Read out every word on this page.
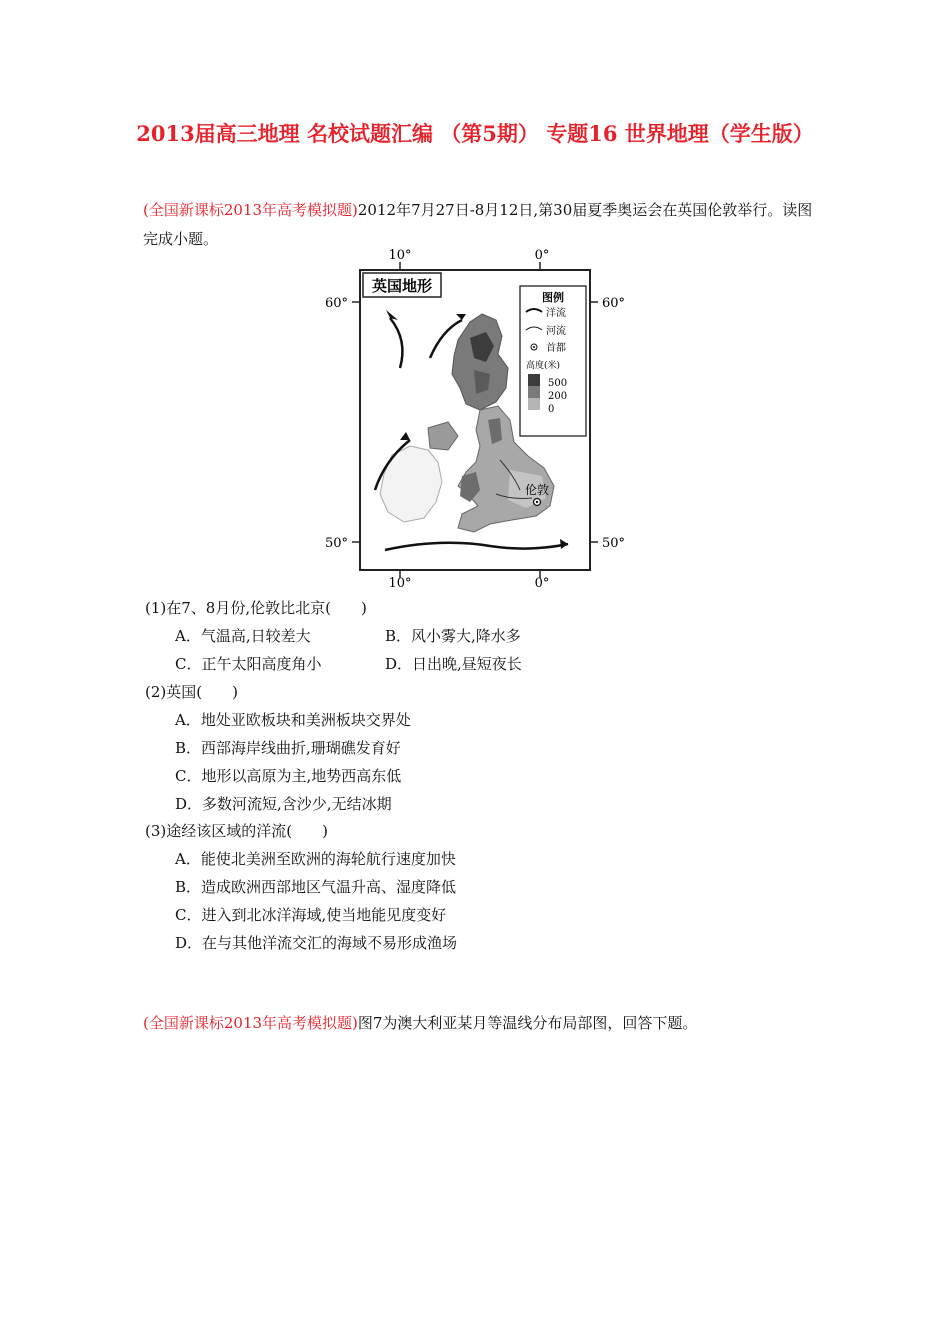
2013届高三地理 名校试题汇编 （第5期） 专题16 世界地理（学生版）
(全国新课标2013年高考模拟题)2012年7月27日-8月12日,第30届夏季奥运会在英国伦敦举行。读图完成小题。
10°	0°
10°	0°
60°	60°
50°	50°
英国地形
伦敦
图例
洋流
河流
首都
高度(米)
500
200
0
(1)在7、8月份,伦敦比北京(　　)
A．气温高,日较差大	B．风小雾大,降水多
C．正午太阳高度角小	D．日出晚,昼短夜长
(2)英国(　　)
A．地处亚欧板块和美洲板块交界处
B．西部海岸线曲折,珊瑚礁发育好
C．地形以高原为主,地势西高东低
D．多数河流短,含沙少,无结冰期
(3)途经该区域的洋流(　　)
A．能使北美洲至欧洲的海轮航行速度加快
B．造成欧洲西部地区气温升高、湿度降低
C．进入到北冰洋海域,使当地能见度变好
D．在与其他洋流交汇的海域不易形成渔场
(全国新课标2013年高考模拟题)图7为澳大利亚某月等温线分布局部图，回答下题。
